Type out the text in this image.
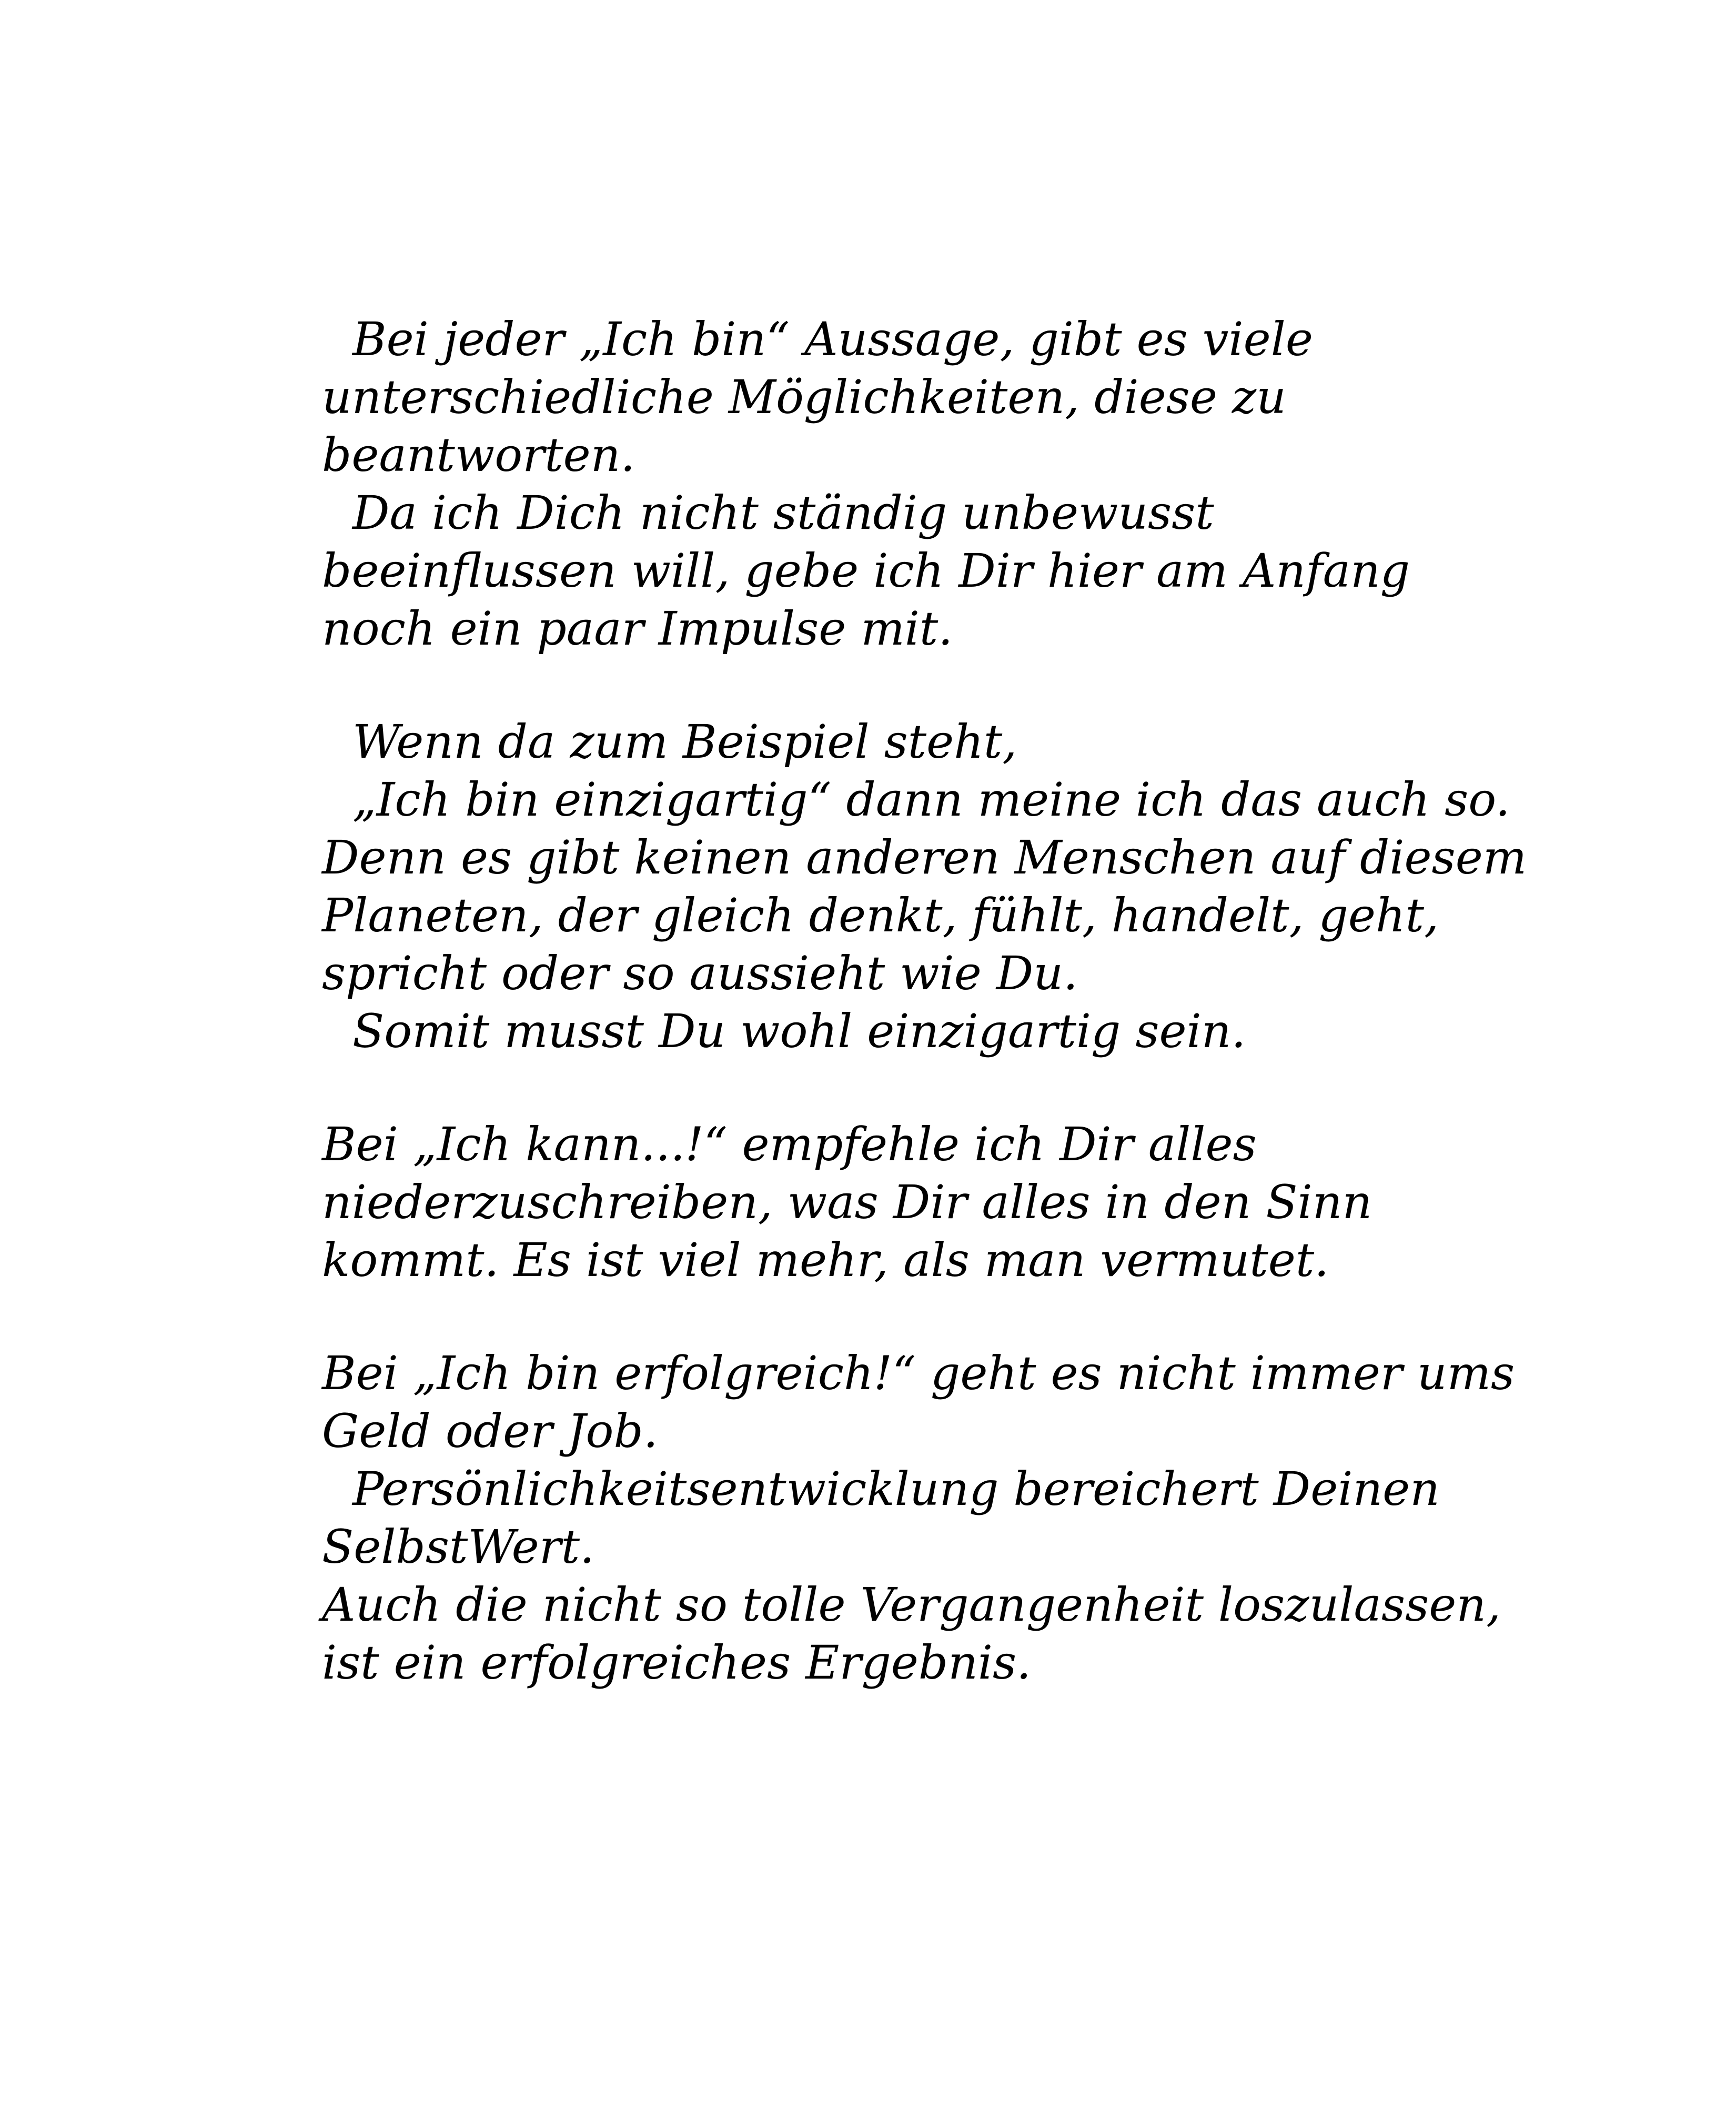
Bei jeder „Ich bin“ Aussage, gibt es viele
unterschiedliche Möglichkeiten, diese zu
beantworten.
Da ich Dich nicht ständig unbewusst
beeinflussen will, gebe ich Dir hier am Anfang
noch ein paar Impulse mit.
Wenn da zum Beispiel steht,
„Ich bin einzigartig“ dann meine ich das auch so.
Denn es gibt keinen anderen Menschen auf diesem
Planeten, der gleich denkt, fühlt, handelt, geht,
spricht oder so aussieht wie Du.
Somit musst Du wohl einzigartig sein.
Bei „Ich kann...!“ empfehle ich Dir alles
niederzuschreiben, was Dir alles in den Sinn
kommt. Es ist viel mehr, als man vermutet.
Bei „Ich bin erfolgreich!“ geht es nicht immer ums
Geld oder Job.
Persönlichkeitsentwicklung bereichert Deinen
SelbstWert.
Auch die nicht so tolle Vergangenheit loszulassen,
ist ein erfolgreiches Ergebnis.
